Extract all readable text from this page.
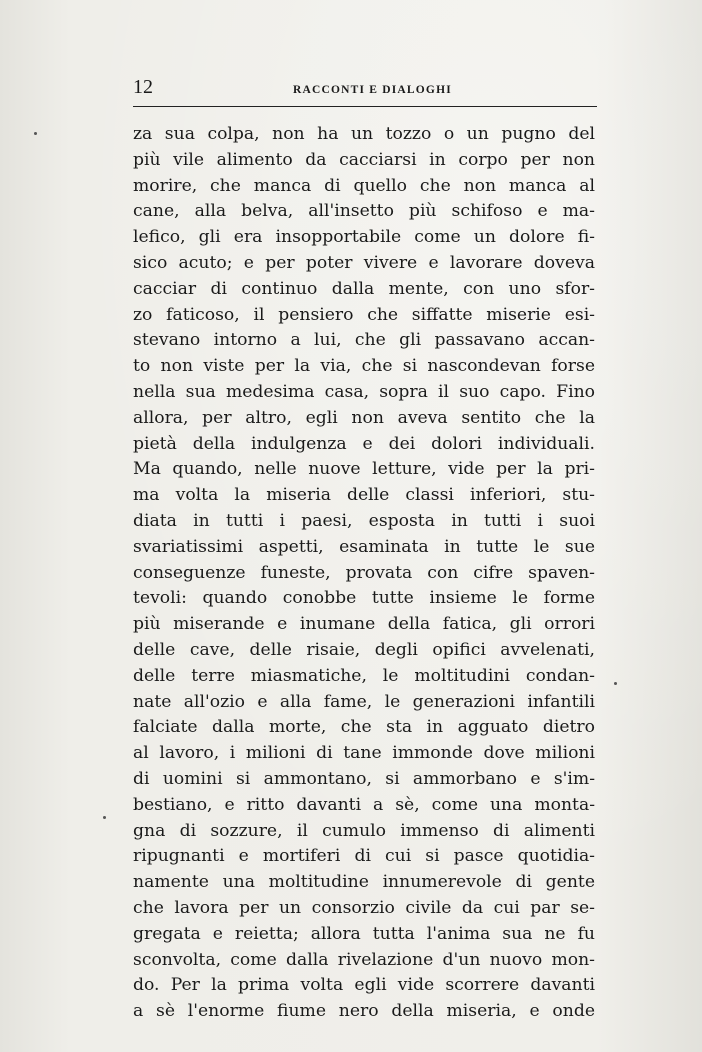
12	RACCONTI E DIALOGHI
za sua colpa, non ha un tozzo o un pugno del
più vile alimento da cacciarsi in corpo per non
morire, che manca di quello che non manca al
cane, alla belva, all'insetto più schifoso e ma-
lefico, gli era insopportabile come un dolore fi-
sico acuto; e per poter vivere e lavorare doveva
cacciar di continuo dalla mente, con uno sfor-
zo faticoso, il pensiero che siffatte miserie esi-
stevano intorno a lui, che gli passavano accan-
to non viste per la via, che si nascondevan forse
nella sua medesima casa, sopra il suo capo. Fino
allora, per altro, egli non aveva sentito che la
pietà della indulgenza e dei dolori individuali.
Ma quando, nelle nuove letture, vide per la pri-
ma volta la miseria delle classi inferiori, stu-
diata in tutti i paesi, esposta in tutti i suoi
svariatissimi aspetti, esaminata in tutte le sue
conseguenze funeste, provata con cifre spaven-
tevoli: quando conobbe tutte insieme le forme
più miserande e inumane della fatica, gli orrori
delle cave, delle risaie, degli opifici avvelenati,
delle terre miasmatiche, le moltitudini condan-
nate all'ozio e alla fame, le generazioni infantili
falciate dalla morte, che sta in agguato dietro
al lavoro, i milioni di tane immonde dove milioni
di uomini si ammontano, si ammorbano e s'im-
bestiano, e ritto davanti a sè, come una monta-
gna di sozzure, il cumulo immenso di alimenti
ripugnanti e mortiferi di cui si pasce quotidia-
namente una moltitudine innumerevole di gente
che lavora per un consorzio civile da cui par se-
gregata e reietta; allora tutta l'anima sua ne fu
sconvolta, come dalla rivelazione d'un nuovo mon-
do. Per la prima volta egli vide scorrere davanti
a sè l'enorme fiume nero della miseria, e onde
